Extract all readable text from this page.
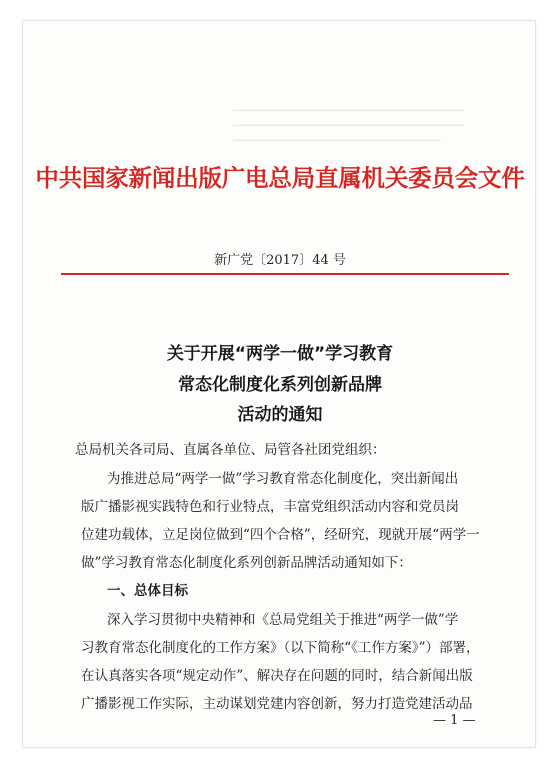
▔▔▔▔▔▔▔▔▔▔▔▔▔▔▔▔▔▔▔▔▔▔▔▔▔▔▔▔▔▔
▔▔▔▔▔▔▔▔▔▔▔▔▔▔▔▔▔▔▔▔▔▔▔▔▔▔▔▔▔▔
▔▔▔▔▔▔▔▔▔▔▔▔▔▔▔▔▔▔▔▔▔▔▔▔▔▔▔
中共国家新闻出版广电总局直属机关委员会文件
新广党〔2017〕44 号
关于开展“两学一做”学习教育
常态化制度化系列创新品牌
活动的通知
总局机关各司局、直属各单位、局管各社团党组织：
为推进总局“两学一做”学习教育常态化制度化，突出新闻出
版广播影视实践特色和行业特点，丰富党组织活动内容和党员岗
位建功载体，立足岗位做到“四个合格”，经研究，现就开展“两学一
做”学习教育常态化制度化系列创新品牌活动通知如下：
一、总体目标
深入学习贯彻中央精神和《总局党组关于推进“两学一做”学
习教育常态化制度化的工作方案》（以下简称“《工作方案》”）部署，
在认真落实各项“规定动作”、解决存在问题的同时，结合新闻出版
广播影视工作实际，主动谋划党建内容创新，努力打造党建活动品
— 1 —
